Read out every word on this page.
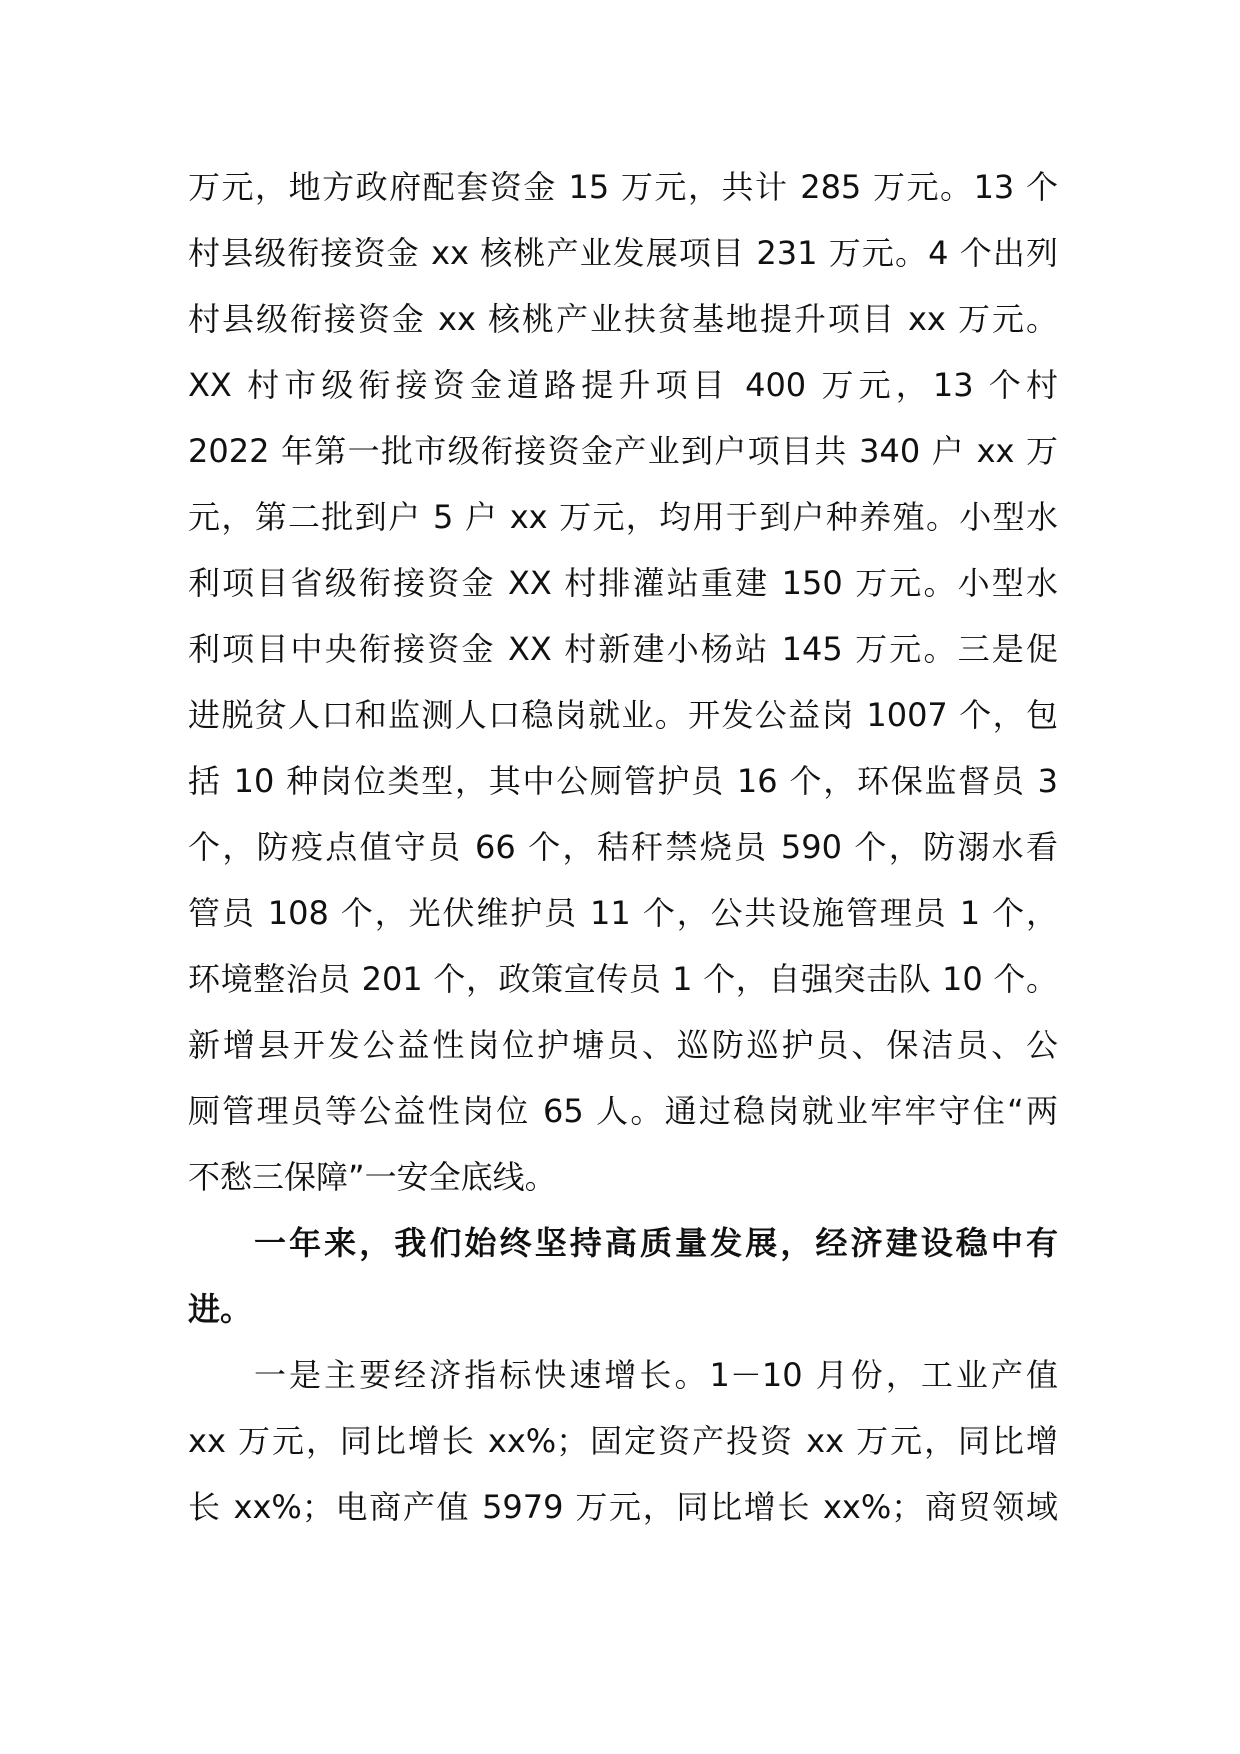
万元，地方政府配套资金 15 万元，共计 285 万元。13 个
村县级衔接资金 xx 核桃产业发展项目 231 万元。4 个出列
村县级衔接资金 xx 核桃产业扶贫基地提升项目 xx 万元。
XX 村市级衔接资金道路提升项目 400 万元，13 个村
2022 年第一批市级衔接资金产业到户项目共 340 户 xx 万
元，第二批到户 5 户 xx 万元，均用于到户种养殖。小型水
利项目省级衔接资金 XX 村排灌站重建 150 万元。小型水
利项目中央衔接资金 XX 村新建小杨站 145 万元。三是促
进脱贫人口和监测人口稳岗就业。开发公益岗 1007 个，包
括 10 种岗位类型，其中公厕管护员 16 个，环保监督员 3
个，防疫点值守员 66 个，秸秆禁烧员 590 个，防溺水看
管员 108 个，光伏维护员 11 个，公共设施管理员 1 个，
环境整治员 201 个，政策宣传员 1 个，自强突击队 10 个。
新增县开发公益性岗位护塘员、巡防巡护员、保洁员、公
厕管理员等公益性岗位 65 人。通过稳岗就业牢牢守住“两
不愁三保障”一安全底线。
一年来，我们始终坚持高质量发展，经济建设稳中有
进。
一是主要经济指标快速增长。1－10 月份，工业产值
xx 万元，同比增长 xx%；固定资产投资 xx 万元，同比增
长 xx%；电商产值 5979 万元，同比增长 xx%；商贸领域
